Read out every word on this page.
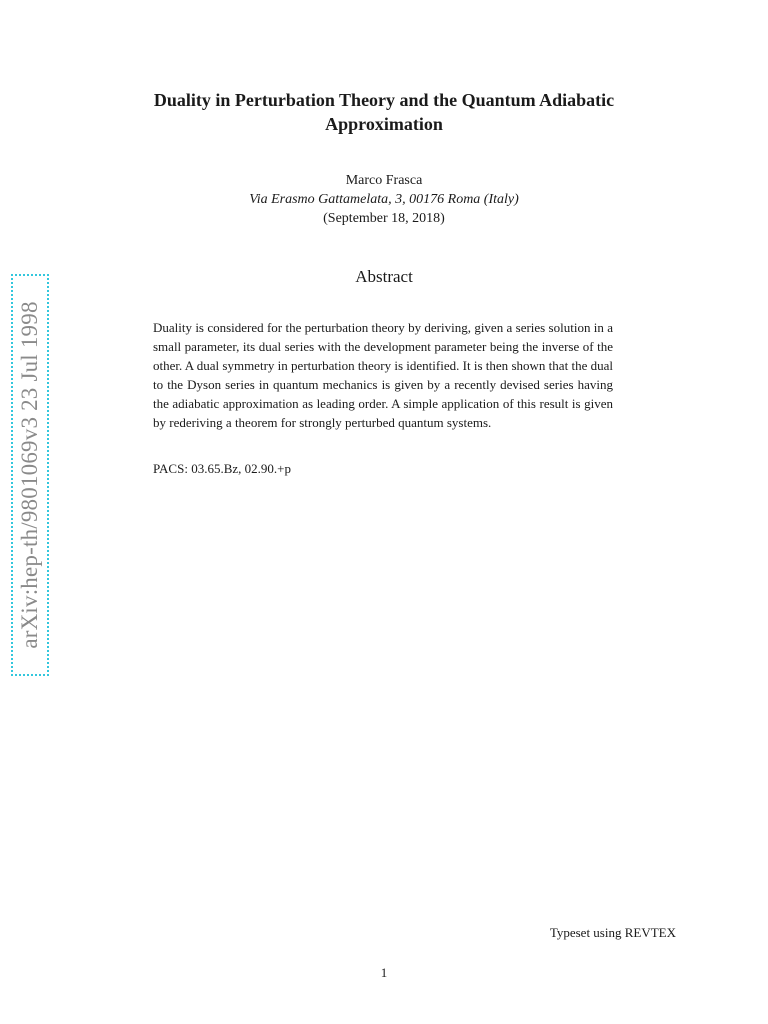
arXiv:hep-th/9801069v3 23 Jul 1998
Duality in Perturbation Theory and the Quantum Adiabatic
Approximation
Marco Frasca
Via Erasmo Gattamelata, 3, 00176 Roma (Italy)
(September 18, 2018)
Abstract
Duality is considered for the perturbation theory by deriving, given a series solution in a small parameter, its dual series with the development parameter being the inverse of the other. A dual symmetry in perturbation theory is identified. It is then shown that the dual to the Dyson series in quantum mechanics is given by a recently devised series having the adiabatic approximation as leading order. A simple application of this result is given by rederiving a theorem for strongly perturbed quantum systems.
PACS: 03.65.Bz, 02.90.+p
Typeset using REVTEX
1
